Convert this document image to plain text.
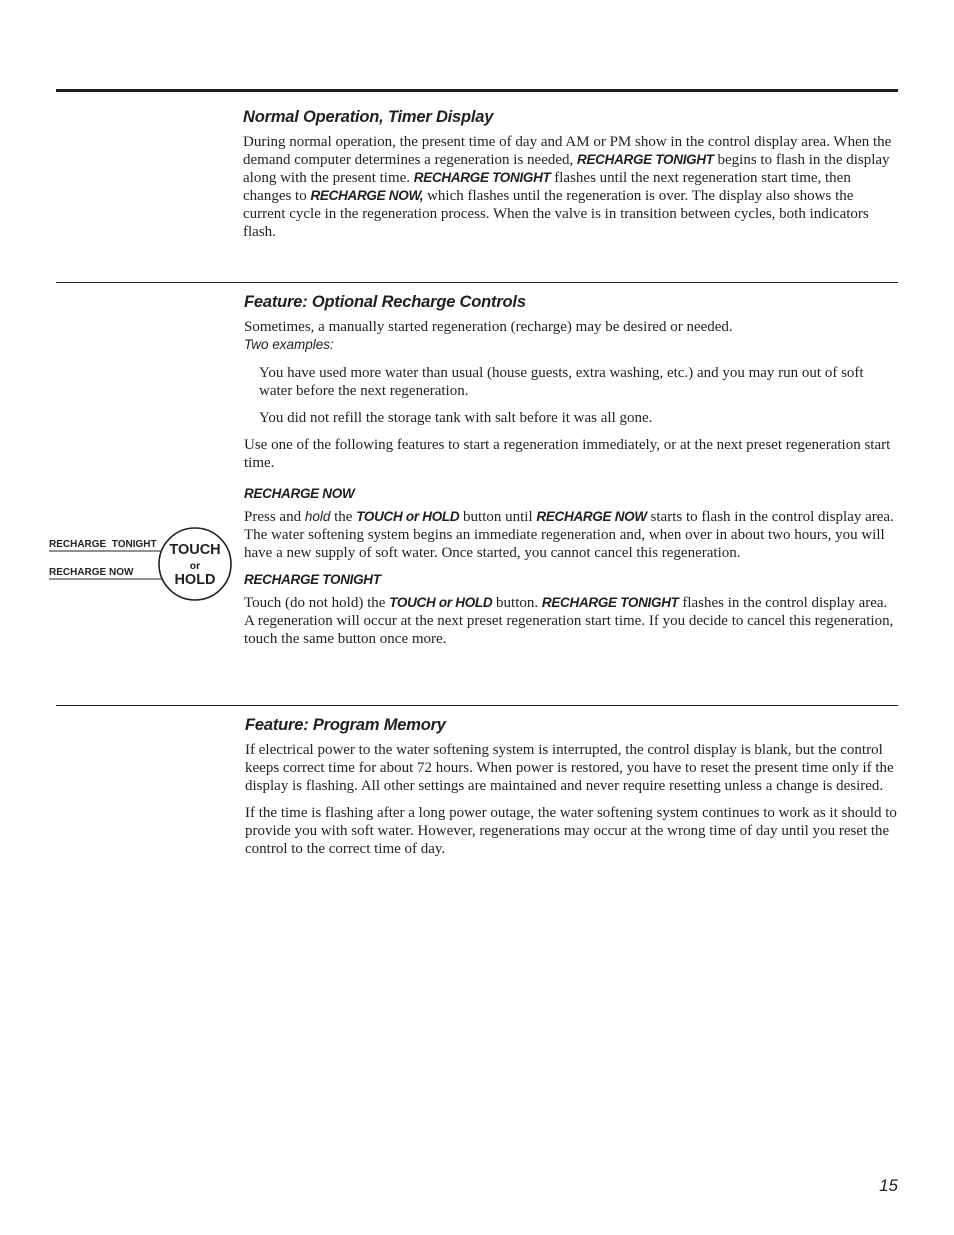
Normal Operation, Timer Display

During normal operation, the present time of day and AM or PM show in the control display area. When the demand computer determines a regeneration is needed, RECHARGE TONIGHT begins to flash in the display along with the present time. RECHARGE TONIGHT flashes until the next regeneration start time, then changes to RECHARGE NOW, which flashes until the regeneration is over. The display also shows the current cycle in the regeneration process. When the valve is in transition between cycles, both indicators flash.

Feature: Optional Recharge Controls

Sometimes, a manually started regeneration (recharge) may be desired or needed.
Two examples:

You have used more water than usual (house guests, extra washing, etc.) and you may run out of soft water before the next regeneration.

You did not refill the storage tank with salt before it was all gone.

Use one of the following features to start a regeneration immediately, or at the next preset regeneration start time.

RECHARGE NOW

Press and hold the TOUCH or HOLD button until RECHARGE NOW starts to flash in the control display area. The water softening system begins an immediate regeneration and, when over in about two hours, you will have a new supply of soft water. Once started, you cannot cancel this regeneration.

RECHARGE TONIGHT

Touch (do not hold) the TOUCH or HOLD button. RECHARGE TONIGHT flashes in the control display area. A regeneration will occur at the next preset regeneration start time. If you decide to cancel this regeneration, touch the same button once more.

RECHARGE  TONIGHT
RECHARGE NOW
TOUCH
or
HOLD
Feature: Program Memory

If electrical power to the water softening system is interrupted, the control display is blank, but the control keeps correct time for about 72 hours. When power is restored, you have to reset the present time only if the display is flashing. All other settings are maintained and never require resetting unless a change is desired.

If the time is flashing after a long power outage, the water softening system continues to work as it should to provide you with soft water. However, regenerations may occur at the wrong time of day until you reset the control to the correct time of day.

15
